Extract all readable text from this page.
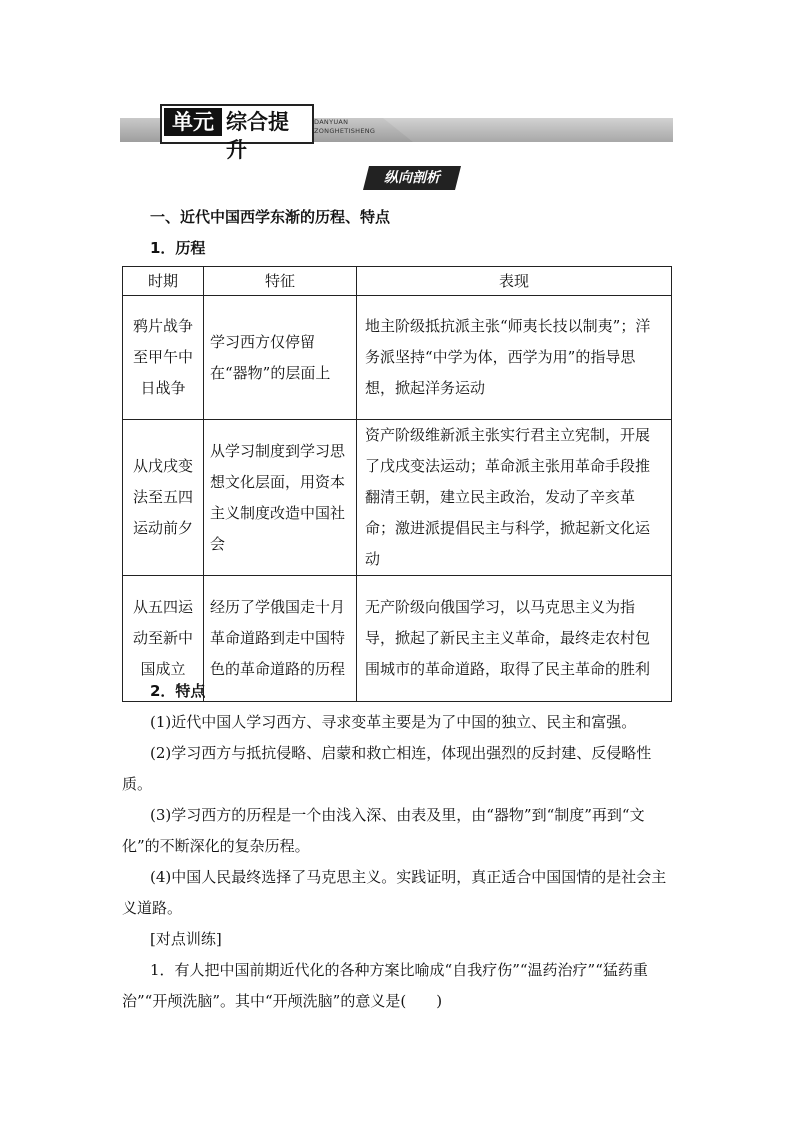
单元 综合提升
DANYUAN
ZONGHETISHENG
纵向剖析
一、近代中国西学东渐的历程、特点
1．历程
时期	特征	表现
鸦片战争至甲午中日战争	学习西方仅停留在“器物”的层面上	地主阶级抵抗派主张“师夷长技以制夷”；洋务派坚持“中学为体，西学为用”的指导思想，掀起洋务运动
从戊戌变法至五四运动前夕	从学习制度到学习思想文化层面，用资本主义制度改造中国社会	资产阶级维新派主张实行君主立宪制，开展了戊戌变法运动；革命派主张用革命手段推翻清王朝，建立民主政治，发动了辛亥革命；激进派提倡民主与科学，掀起新文化运动
从五四运动至新中国成立	经历了学俄国走十月革命道路到走中国特色的革命道路的历程	无产阶级向俄国学习，以马克思主义为指导，掀起了新民主主义革命，最终走农村包围城市的革命道路，取得了民主革命的胜利
2．特点
(1)近代中国人学习西方、寻求变革主要是为了中国的独立、民主和富强。
(2)学习西方与抵抗侵略、启蒙和救亡相连，体现出强烈的反封建、反侵略性质。
(3)学习西方的历程是一个由浅入深、由表及里，由“器物”到“制度”再到“文化”的不断深化的复杂历程。
(4)中国人民最终选择了马克思主义。实践证明，真正适合中国国情的是社会主义道路。
[对点训练]
1．有人把中国前期近代化的各种方案比喻成“自我疗伤”“温药治疗”“猛药重治”“开颅洗脑”。其中“开颅洗脑”的意义是(　　)
